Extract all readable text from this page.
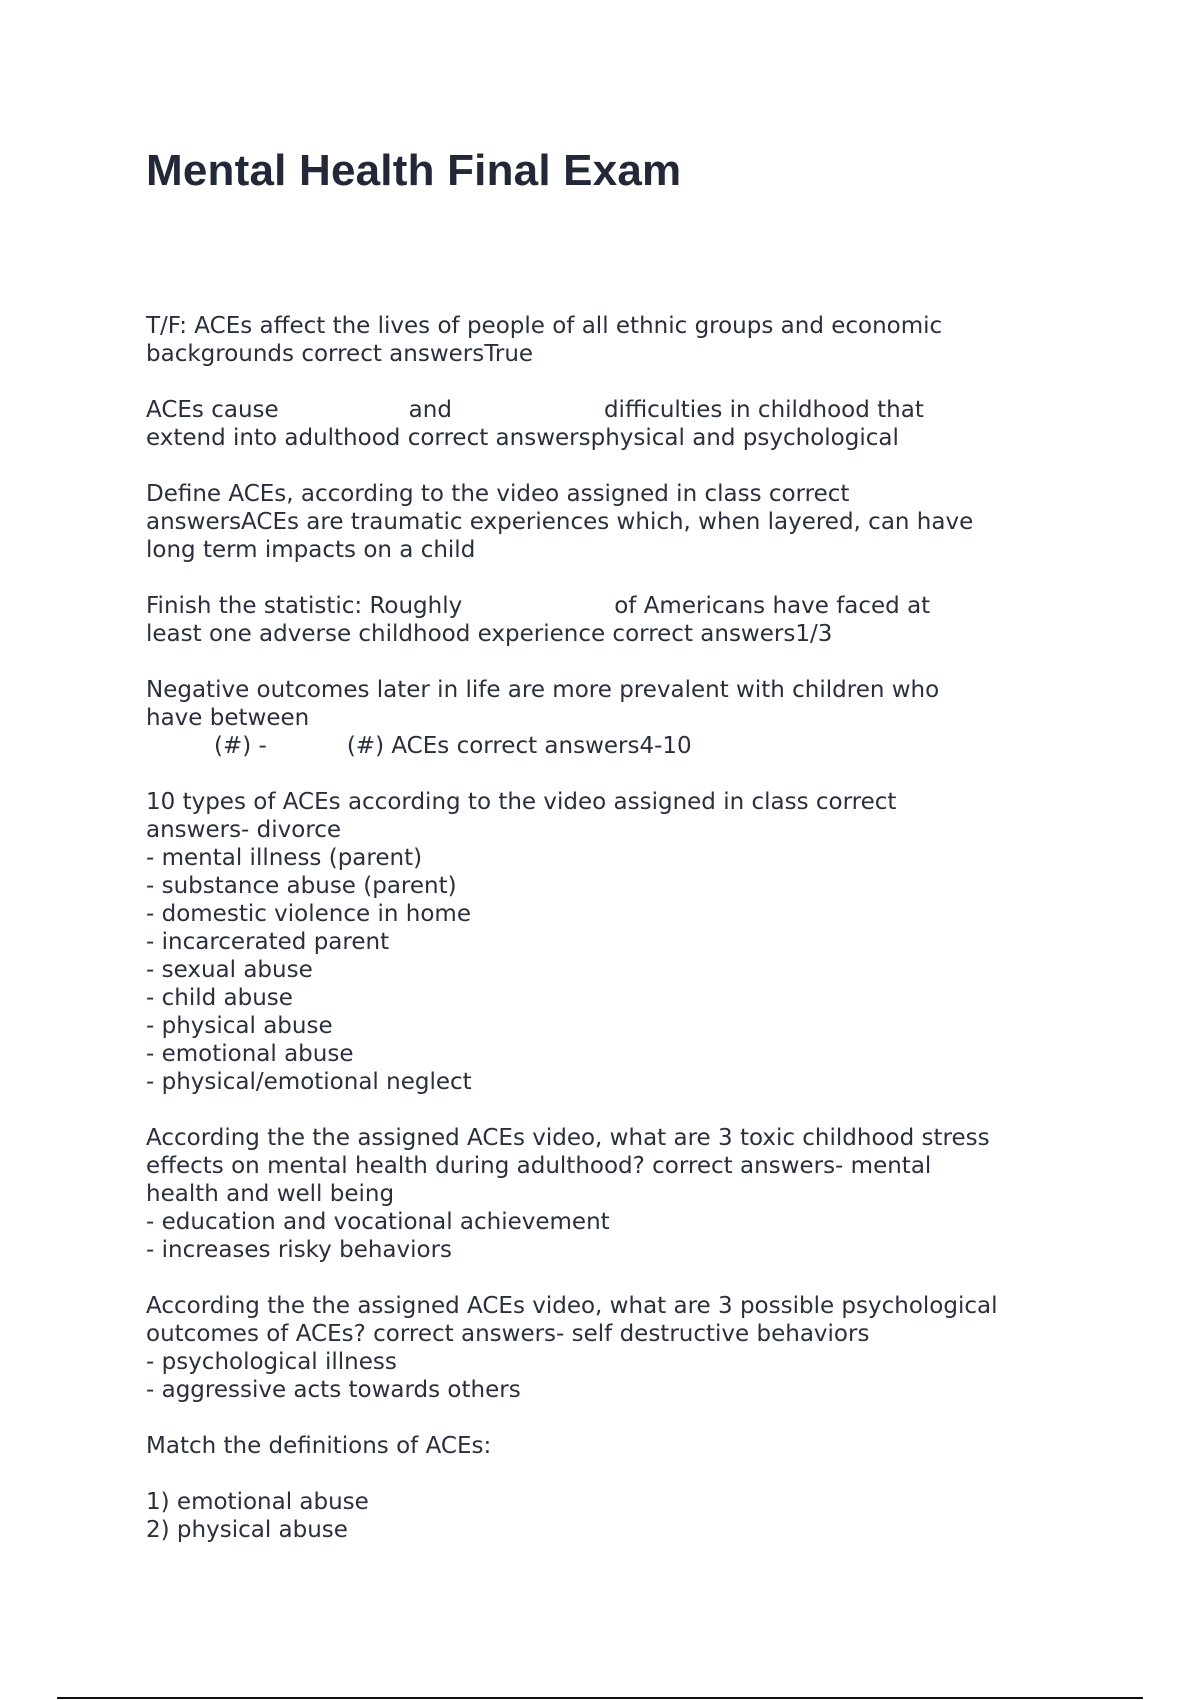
Mental Health Final Exam
T/F: ACEs affect the lives of people of all ethnic groups and economic
backgrounds correct answersTrue
ACEs cause	and	difficulties in childhood that
extend into adulthood correct answersphysical and psychological
Define ACEs, according to the video assigned in class correct
answersACEs are traumatic experiences which, when layered, can have
long term impacts on a child
Finish the statistic: Roughly	of Americans have faced at
least one adverse childhood experience correct answers1/3
Negative outcomes later in life are more prevalent with children who
have between
(#) -	(#) ACEs correct answers4-10
10 types of ACEs according to the video assigned in class correct
answers- divorce
- mental illness (parent)
- substance abuse (parent)
- domestic violence in home
- incarcerated parent
- sexual abuse
- child abuse
- physical abuse
- emotional abuse
- physical/emotional neglect
According the the assigned ACEs video, what are 3 toxic childhood stress
effects on mental health during adulthood? correct answers- mental
health and well being
- education and vocational achievement
- increases risky behaviors
According the the assigned ACEs video, what are 3 possible psychological
outcomes of ACEs? correct answers- self destructive behaviors
- psychological illness
- aggressive acts towards others
Match the definitions of ACEs:
1) emotional abuse
2) physical abuse
